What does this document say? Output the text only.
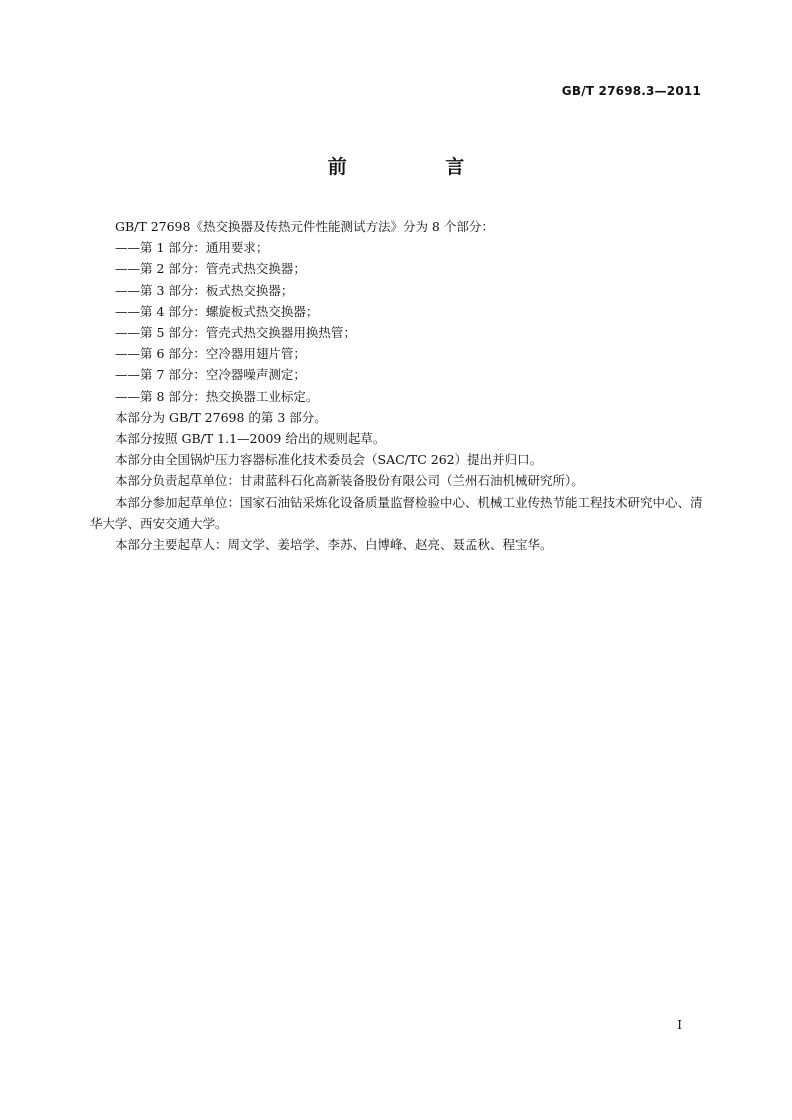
GB/T 27698.3—2011
前 言

GB/T 27698《热交换器及传热元件性能测试方法》分为 8 个部分：

——第 1 部分：通用要求；

——第 2 部分：管壳式热交换器；

——第 3 部分：板式热交换器；

——第 4 部分：螺旋板式热交换器；

——第 5 部分：管壳式热交换器用换热管；

——第 6 部分：空冷器用翅片管；

——第 7 部分：空冷器噪声测定；

——第 8 部分：热交换器工业标定。

本部分为 GB/T 27698 的第 3 部分。

本部分按照 GB/T 1.1—2009 给出的规则起草。

本部分由全国锅炉压力容器标准化技术委员会（SAC/TC 262）提出并归口。

本部分负责起草单位：甘肃蓝科石化高新装备股份有限公司（兰州石油机械研究所）。

本部分参加起草单位：国家石油钻采炼化设备质量监督检验中心、机械工业传热节能工程技术研究中心、清华大学、西安交通大学。

本部分主要起草人：周文学、姜培学、李苏、白博峰、赵亮、聂孟秋、程宝华。

I
